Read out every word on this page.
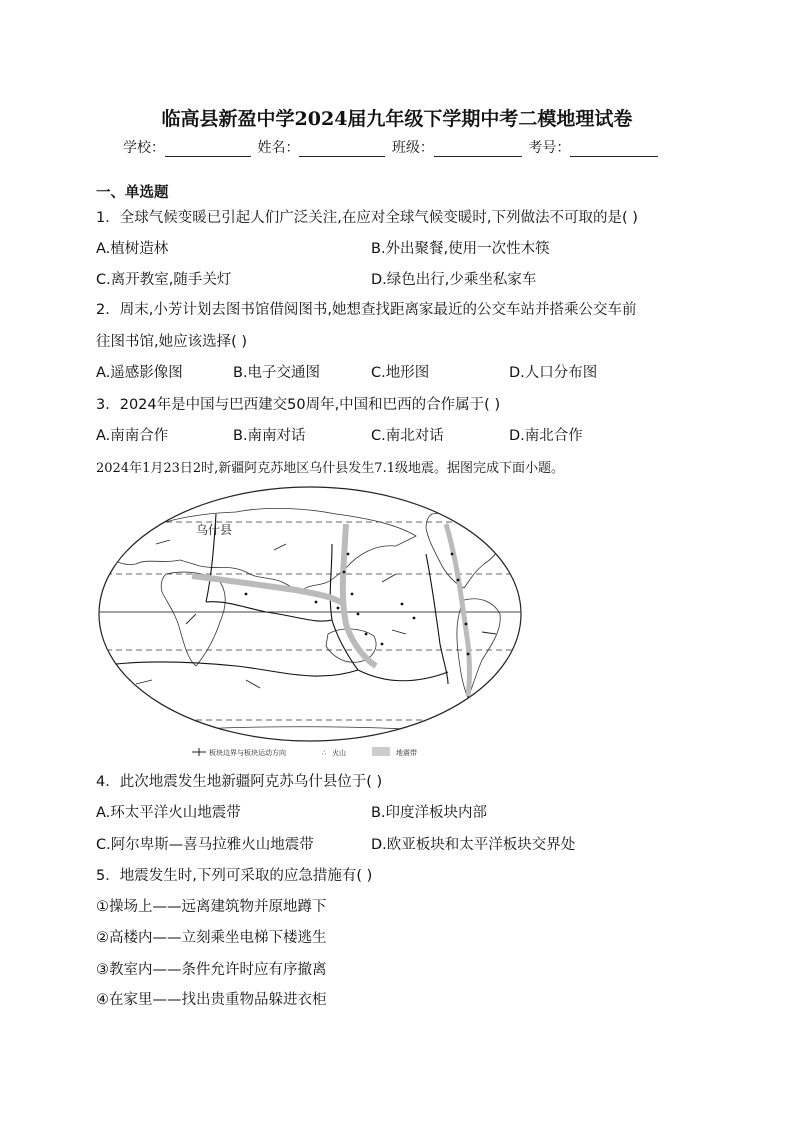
临高县新盈中学2024届九年级下学期中考二模地理试卷
学校：	姓名：	班级：	考号：
一、单选题
1．全球气候变暖已引起人们广泛关注,在应对全球气候变暖时,下列做法不可取的是( )
A.植树造林	B.外出聚餐,使用一次性木筷
C.离开教室,随手关灯	D.绿色出行,少乘坐私家车
2．周末,小芳计划去图书馆借阅图书,她想查找距离家最近的公交车站并搭乘公交车前
往图书馆,她应该选择( )
A.遥感影像图	B.电子交通图	C.地形图	D.人口分布图
3．2024年是中国与巴西建交50周年,中国和巴西的合作属于( )
A.南南合作	B.南南对话	C.南北对话	D.南北合作
2024年1月23日2时,新疆阿克苏地区乌什县发生7.1级地震。据图完成下面小题。
乌什县
板块边界与板块运动方向	∴ 火山	地震带
4．此次地震发生地新疆阿克苏乌什县位于( )
A.环太平洋火山地震带	B.印度洋板块内部
C.阿尔卑斯—喜马拉雅火山地震带	D.欧亚板块和太平洋板块交界处
5．地震发生时,下列可采取的应急措施有( )
①操场上——远离建筑物并原地蹲下
②高楼内——立刻乘坐电梯下楼逃生
③教室内——条件允许时应有序撤离
④在家里——找出贵重物品躲进衣柜
